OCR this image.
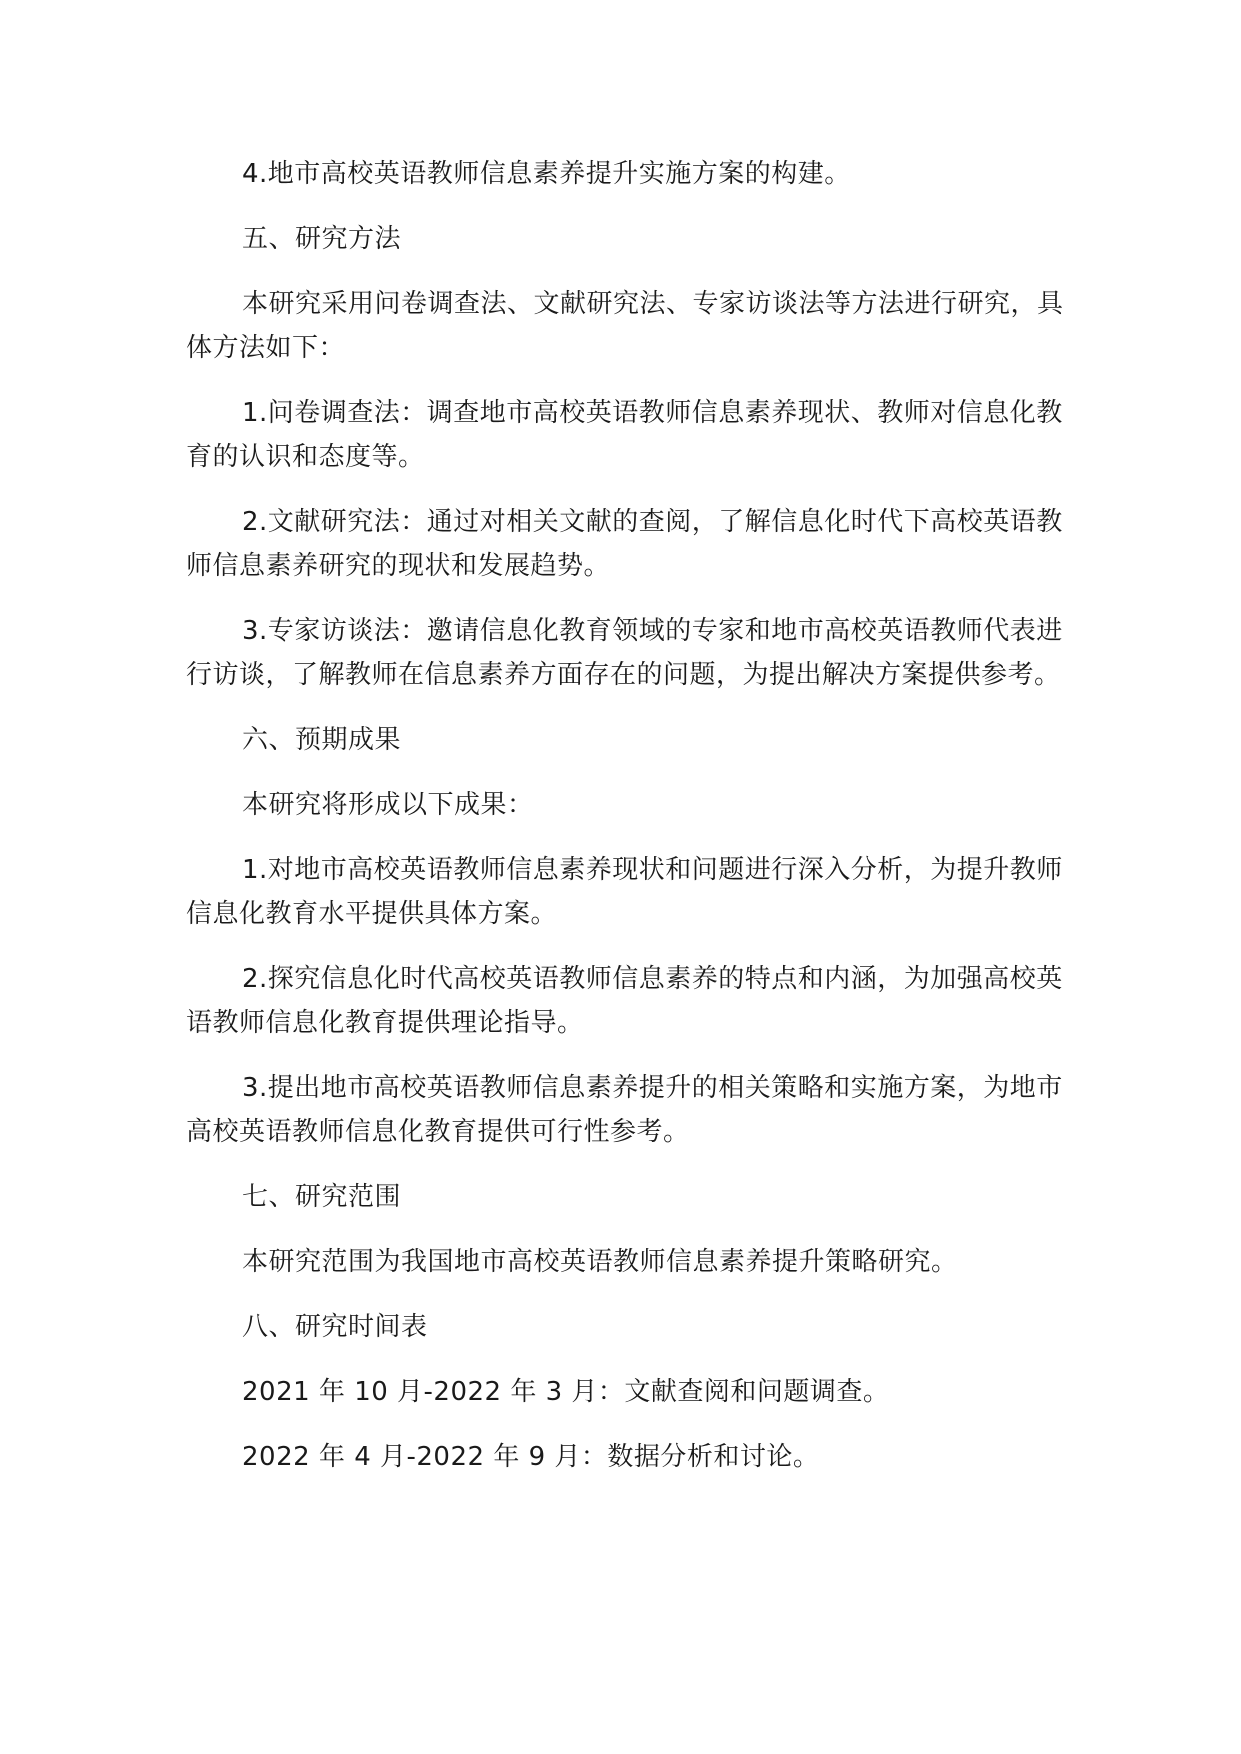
4.地市高校英语教师信息素养提升实施方案的构建。

五、研究方法

本研究采用问卷调查法、文献研究法、专家访谈法等方法进行研究，具体方法如下：

1.问卷调查法：调查地市高校英语教师信息素养现状、教师对信息化教育的认识和态度等。

2.文献研究法：通过对相关文献的查阅，了解信息化时代下高校英语教师信息素养研究的现状和发展趋势。

3.专家访谈法：邀请信息化教育领域的专家和地市高校英语教师代表进行访谈，了解教师在信息素养方面存在的问题，为提出解决方案提供参考。

六、预期成果

本研究将形成以下成果：

1.对地市高校英语教师信息素养现状和问题进行深入分析，为提升教师信息化教育水平提供具体方案。

2.探究信息化时代高校英语教师信息素养的特点和内涵，为加强高校英语教师信息化教育提供理论指导。

3.提出地市高校英语教师信息素养提升的相关策略和实施方案，为地市高校英语教师信息化教育提供可行性参考。

七、研究范围

本研究范围为我国地市高校英语教师信息素养提升策略研究。

八、研究时间表

2021 年 10 月-2022 年 3 月：文献查阅和问题调查。

2022 年 4 月-2022 年 9 月：数据分析和讨论。
